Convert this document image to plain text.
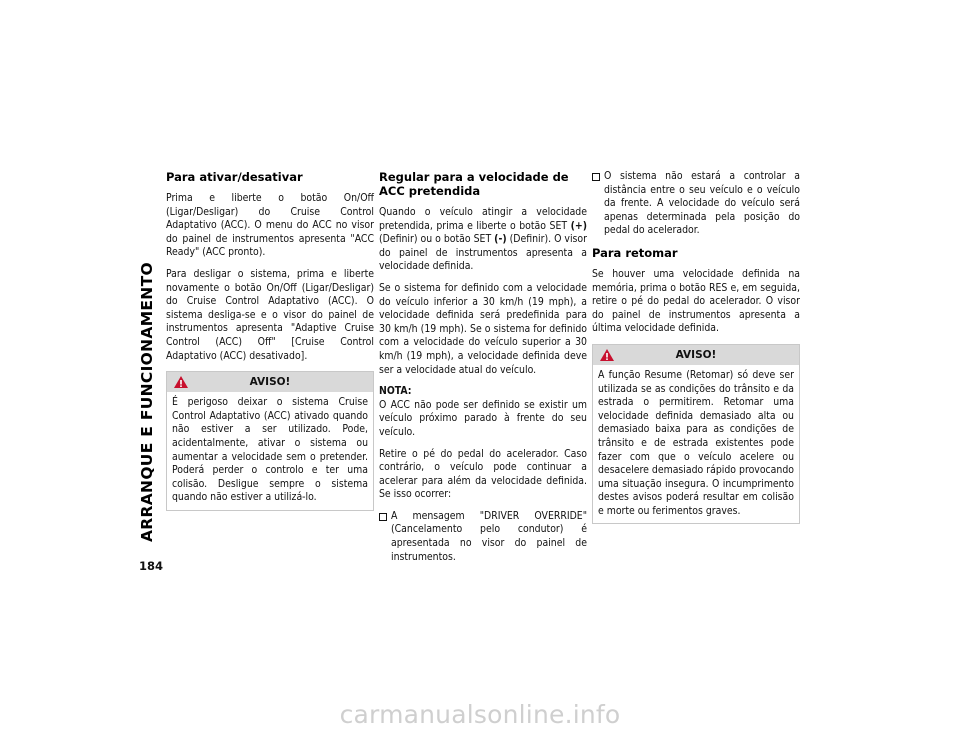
ARRANQUE E FUNCIONAMENTO
184
Para ativar/desativar

Prima e liberte o botão On/Off (Ligar/Desligar) do Cruise Control Adaptativo (ACC). O menu do ACC no visor do painel de instrumentos apresenta "ACC Ready" (ACC pronto).

Para desligar o sistema, prima e liberte novamente o botão On/Off (Ligar/Desligar) do Cruise Control Adaptativo (ACC). O sistema desliga-se e o visor do painel de instrumentos apresenta "Adaptive Cruise Control (ACC) Off" [Cruise Control Adaptativo (ACC) desativado].

AVISO!
É perigoso deixar o sistema Cruise Control Adaptativo (ACC) ativado quando não estiver a ser utilizado. Pode, acidentalmente, ativar o sistema ou aumentar a velocidade sem o pretender. Poderá perder o controlo e ter uma colisão. Desligue sempre o sistema quando não estiver a utilizá-lo.
Regular para a velocidade de ACC pretendida

Quando o veículo atingir a velocidade pretendida, prima e liberte o botão SET (+) (Definir) ou o botão SET (-) (Definir). O visor do painel de instrumentos apresenta a velocidade definida.

Se o sistema for definido com a velocidade do veículo inferior a 30 km/h (19 mph), a velocidade definida será predefinida para 30 km/h (19 mph). Se o sistema for definido com a velocidade do veículo superior a 30 km/h (19 mph), a velocidade definida deve ser a velocidade atual do veículo.

NOTA:

O ACC não pode ser definido se existir um veículo próximo parado à frente do seu veículo.

Retire o pé do pedal do acelerador. Caso contrário, o veículo pode continuar a acelerar para além da velocidade definida. Se isso ocorrer:

A mensagem "DRIVER OVERRIDE" (Cancelamento pelo condutor) é apresentada no visor do painel de instrumentos.
O sistema não estará a controlar a distância entre o seu veículo e o veículo da frente. A velocidade do veículo será apenas determinada pela posição do pedal do acelerador.
Para retomar

Se houver uma velocidade definida na memória, prima o botão RES e, em seguida, retire o pé do pedal do acelerador. O visor do painel de instrumentos apresenta a última velocidade definida.

AVISO!
A função Resume (Retomar) só deve ser utilizada se as condições do trânsito e da estrada o permitirem. Retomar uma velocidade definida demasiado alta ou demasiado baixa para as condições de trânsito e de estrada existentes pode fazer com que o veículo acelere ou desacelere demasiado rápido provocando uma situação insegura. O incumprimento destes avisos poderá resultar em colisão e morte ou ferimentos graves.
carmanualsonline.info
